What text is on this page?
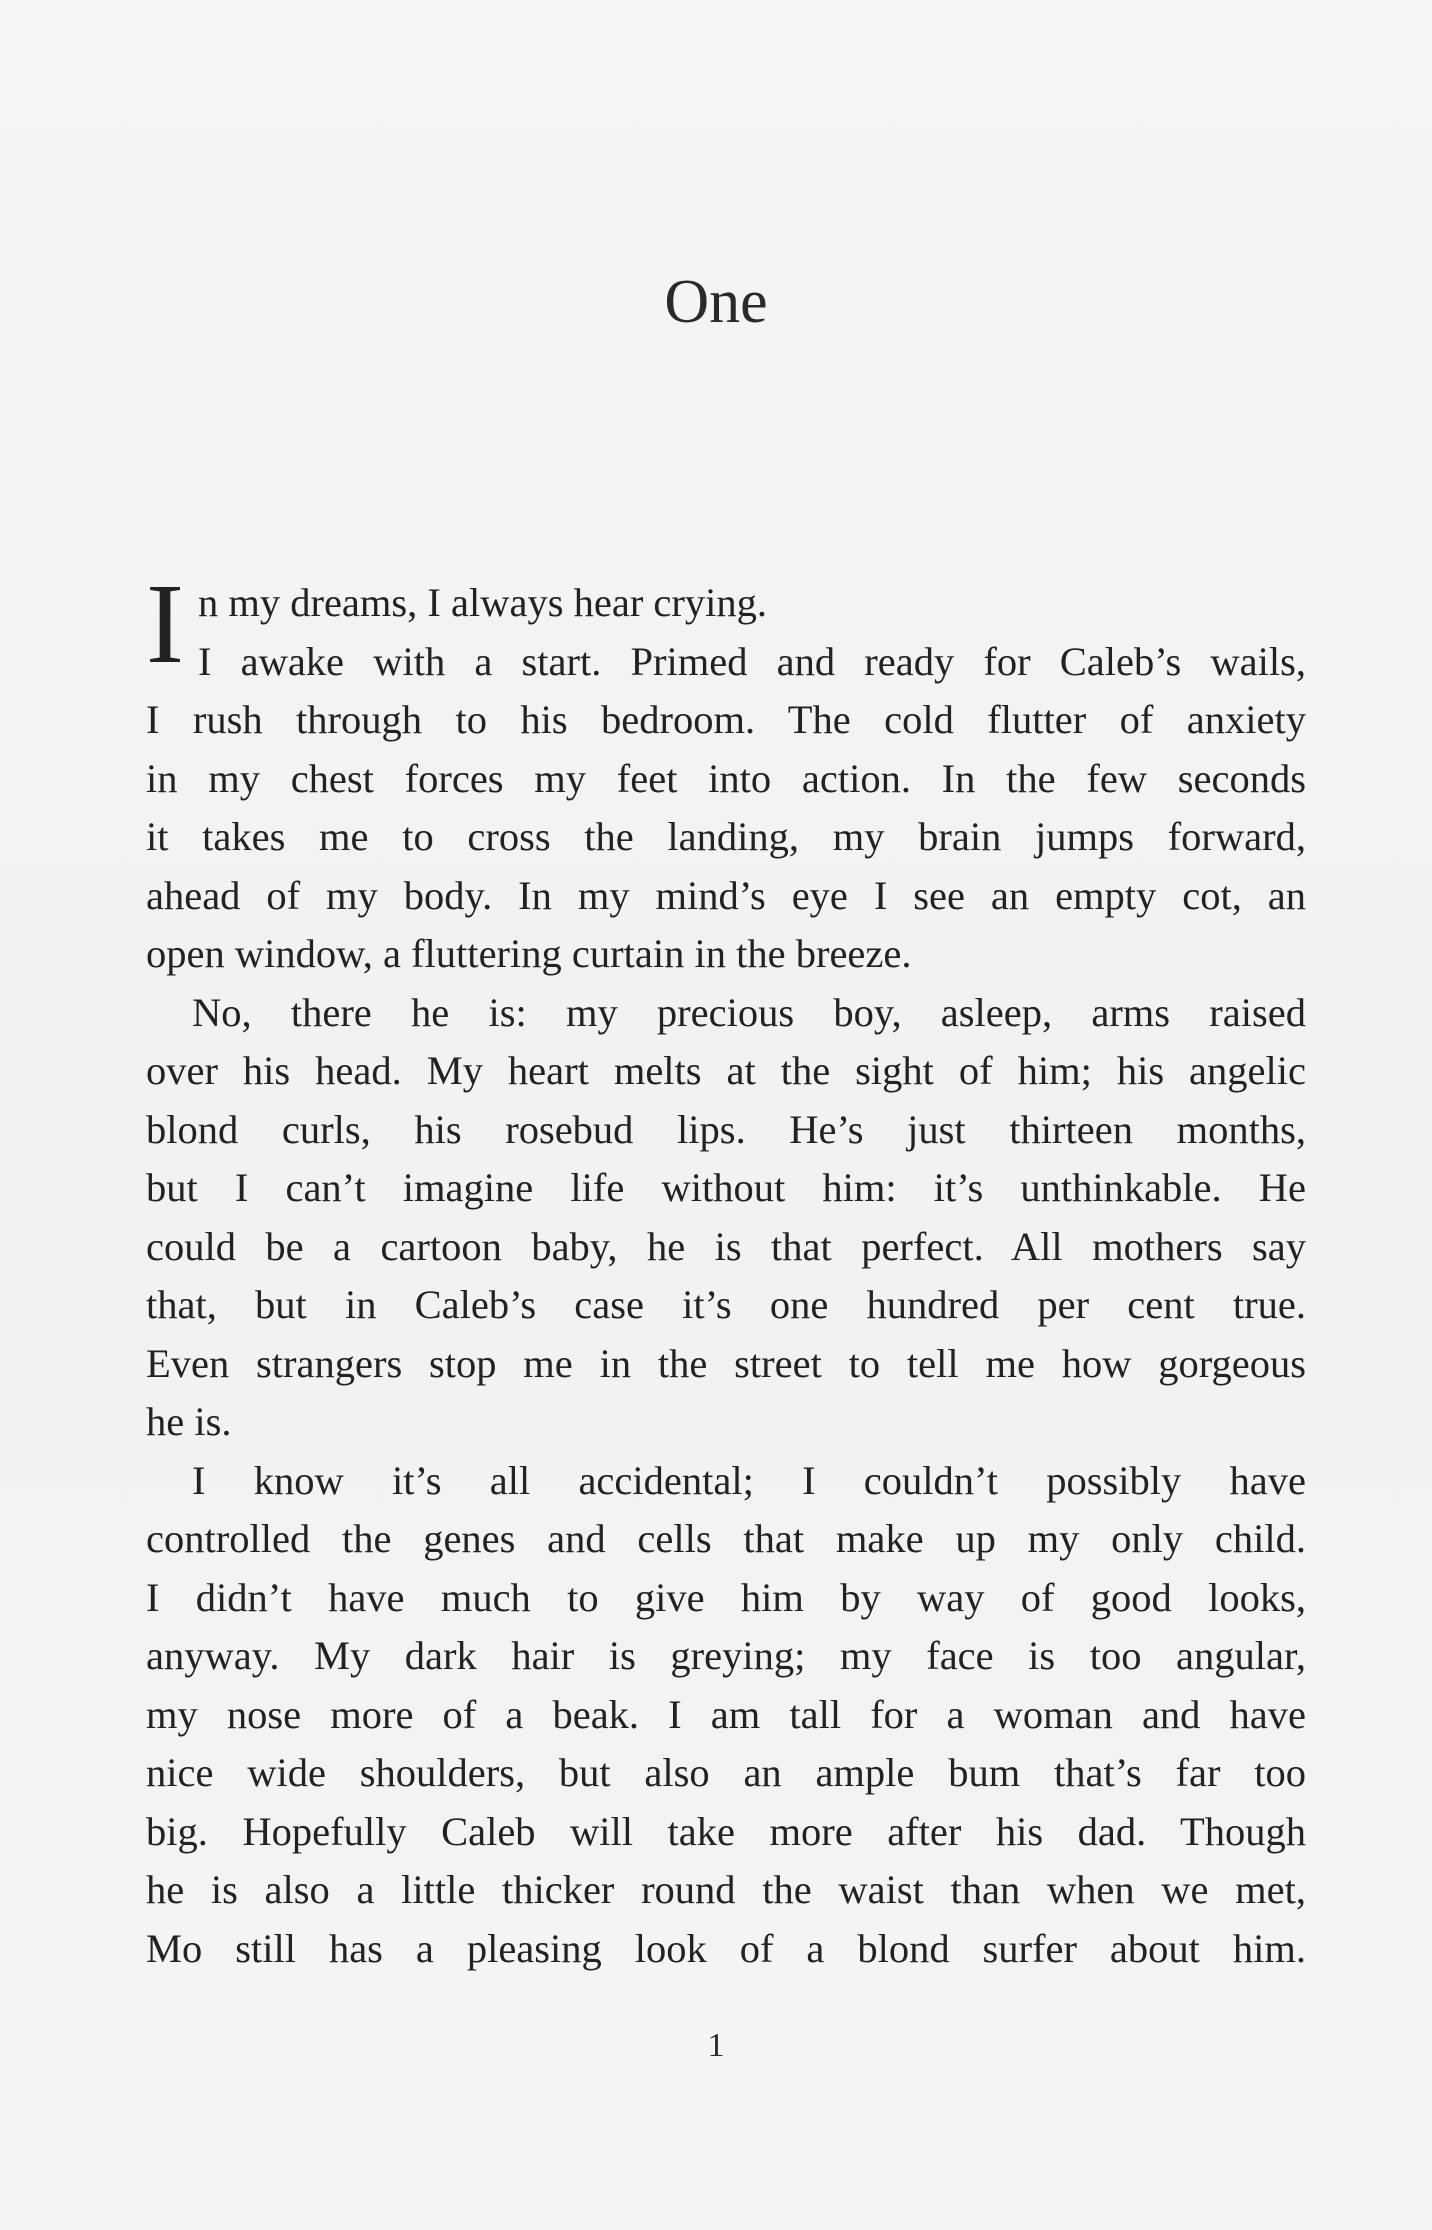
One
I n my dreams, I always hear crying.
I awake with a start. Primed and ready for Caleb’s wails,
I rush through to his bedroom. The cold flutter of anxiety
in my chest forces my feet into action. In the few seconds
it takes me to cross the landing, my brain jumps forward,
ahead of my body. In my mind’s eye I see an empty cot, an
open window, a fluttering curtain in the breeze.
No, there he is: my precious boy, asleep, arms raised
over his head. My heart melts at the sight of him; his angelic
blond curls, his rosebud lips. He’s just thirteen months,
but I can’t imagine life without him: it’s unthinkable. He
could be a cartoon baby, he is that perfect. All mothers say
that, but in Caleb’s case it’s one hundred per cent true.
Even strangers stop me in the street to tell me how gorgeous
he is.
I know it’s all accidental; I couldn’t possibly have
controlled the genes and cells that make up my only child.
I didn’t have much to give him by way of good looks,
anyway. My dark hair is greying; my face is too angular,
my nose more of a beak. I am tall for a woman and have
nice wide shoulders, but also an ample bum that’s far too
big. Hopefully Caleb will take more after his dad. Though
he is also a little thicker round the waist than when we met,
Mo still has a pleasing look of a blond surfer about him.
1
